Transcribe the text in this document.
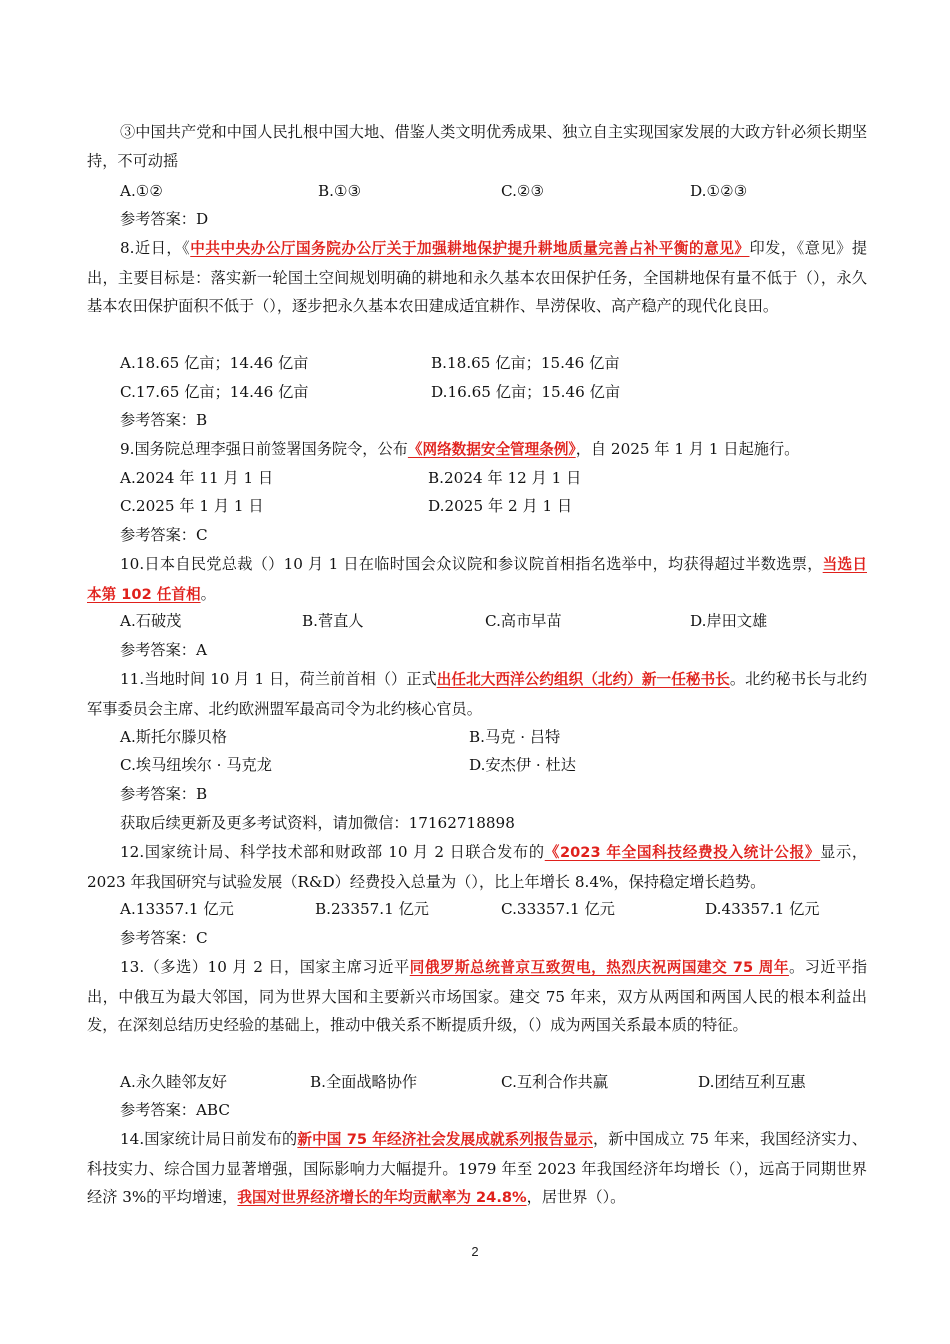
③中国共产党和中国人民扎根中国大地、借鉴人类文明优秀成果、独立自主实现国家发展的大政方针必须长期坚持，不可动摇
A.①②	B.①③	C.②③	D.①②③
参考答案：D
8.近日，《中共中央办公厅国务院办公厅关于加强耕地保护提升耕地质量完善占补平衡的意见》印发，《意见》提出，主要目标是：落实新一轮国土空间规划明确的耕地和永久基本农田保护任务，全国耕地保有量不低于（），永久基本农田保护面积不低于（），逐步把永久基本农田建成适宜耕作、旱涝保收、高产稳产的现代化良田。
A.18.65 亿亩；14.46 亿亩	B.18.65 亿亩；15.46 亿亩
C.17.65 亿亩；14.46 亿亩	D.16.65 亿亩；15.46 亿亩
参考答案：B
9.国务院总理李强日前签署国务院令，公布《网络数据安全管理条例》，自 2025 年 1 月 1 日起施行。
A.2024 年 11 月 1 日	B.2024 年 12 月 1 日
C.2025 年 1 月 1 日	D.2025 年 2 月 1 日
参考答案：C
10.日本自民党总裁（）10 月 1 日在临时国会众议院和参议院首相指名选举中，均获得超过半数选票，当选日本第 102 任首相。
A.石破茂	B.菅直人	C.高市早苗	D.岸田文雄
参考答案：A
11.当地时间 10 月 1 日，荷兰前首相（）正式出任北大西洋公约组织（北约）新一任秘书长。北约秘书长与北约军事委员会主席、北约欧洲盟军最高司令为北约核心官员。
A.斯托尔滕贝格	B.马克 · 吕特
C.埃马纽埃尔 · 马克龙	D.安杰伊 · 杜达
参考答案：B
获取后续更新及更多考试资料，请加微信：17162718898
12.国家统计局、科学技术部和财政部 10 月 2 日联合发布的《2023 年全国科技经费投入统计公报》显示，2023 年我国研究与试验发展（R&D）经费投入总量为（），比上年增长 8.4%，保持稳定增长趋势。
A.13357.1 亿元	B.23357.1 亿元	C.33357.1 亿元	D.43357.1 亿元
参考答案：C
13.（多选）10 月 2 日，国家主席习近平同俄罗斯总统普京互致贺电，热烈庆祝两国建交 75 周年。习近平指出，中俄互为最大邻国，同为世界大国和主要新兴市场国家。建交 75 年来，双方从两国和两国人民的根本利益出发，在深刻总结历史经验的基础上，推动中俄关系不断提质升级，（）成为两国关系最本质的特征。
A.永久睦邻友好	B.全面战略协作	C.互利合作共赢	D.团结互利互惠
参考答案：ABC
14.国家统计局日前发布的新中国 75 年经济社会发展成就系列报告显示，新中国成立 75 年来，我国经济实力、科技实力、综合国力显著增强，国际影响力大幅提升。1979 年至 2023 年我国经济年均增长（），远高于同期世界经济 3%的平均增速，我国对世界经济增长的年均贡献率为 24.8%，居世界（）。
2
